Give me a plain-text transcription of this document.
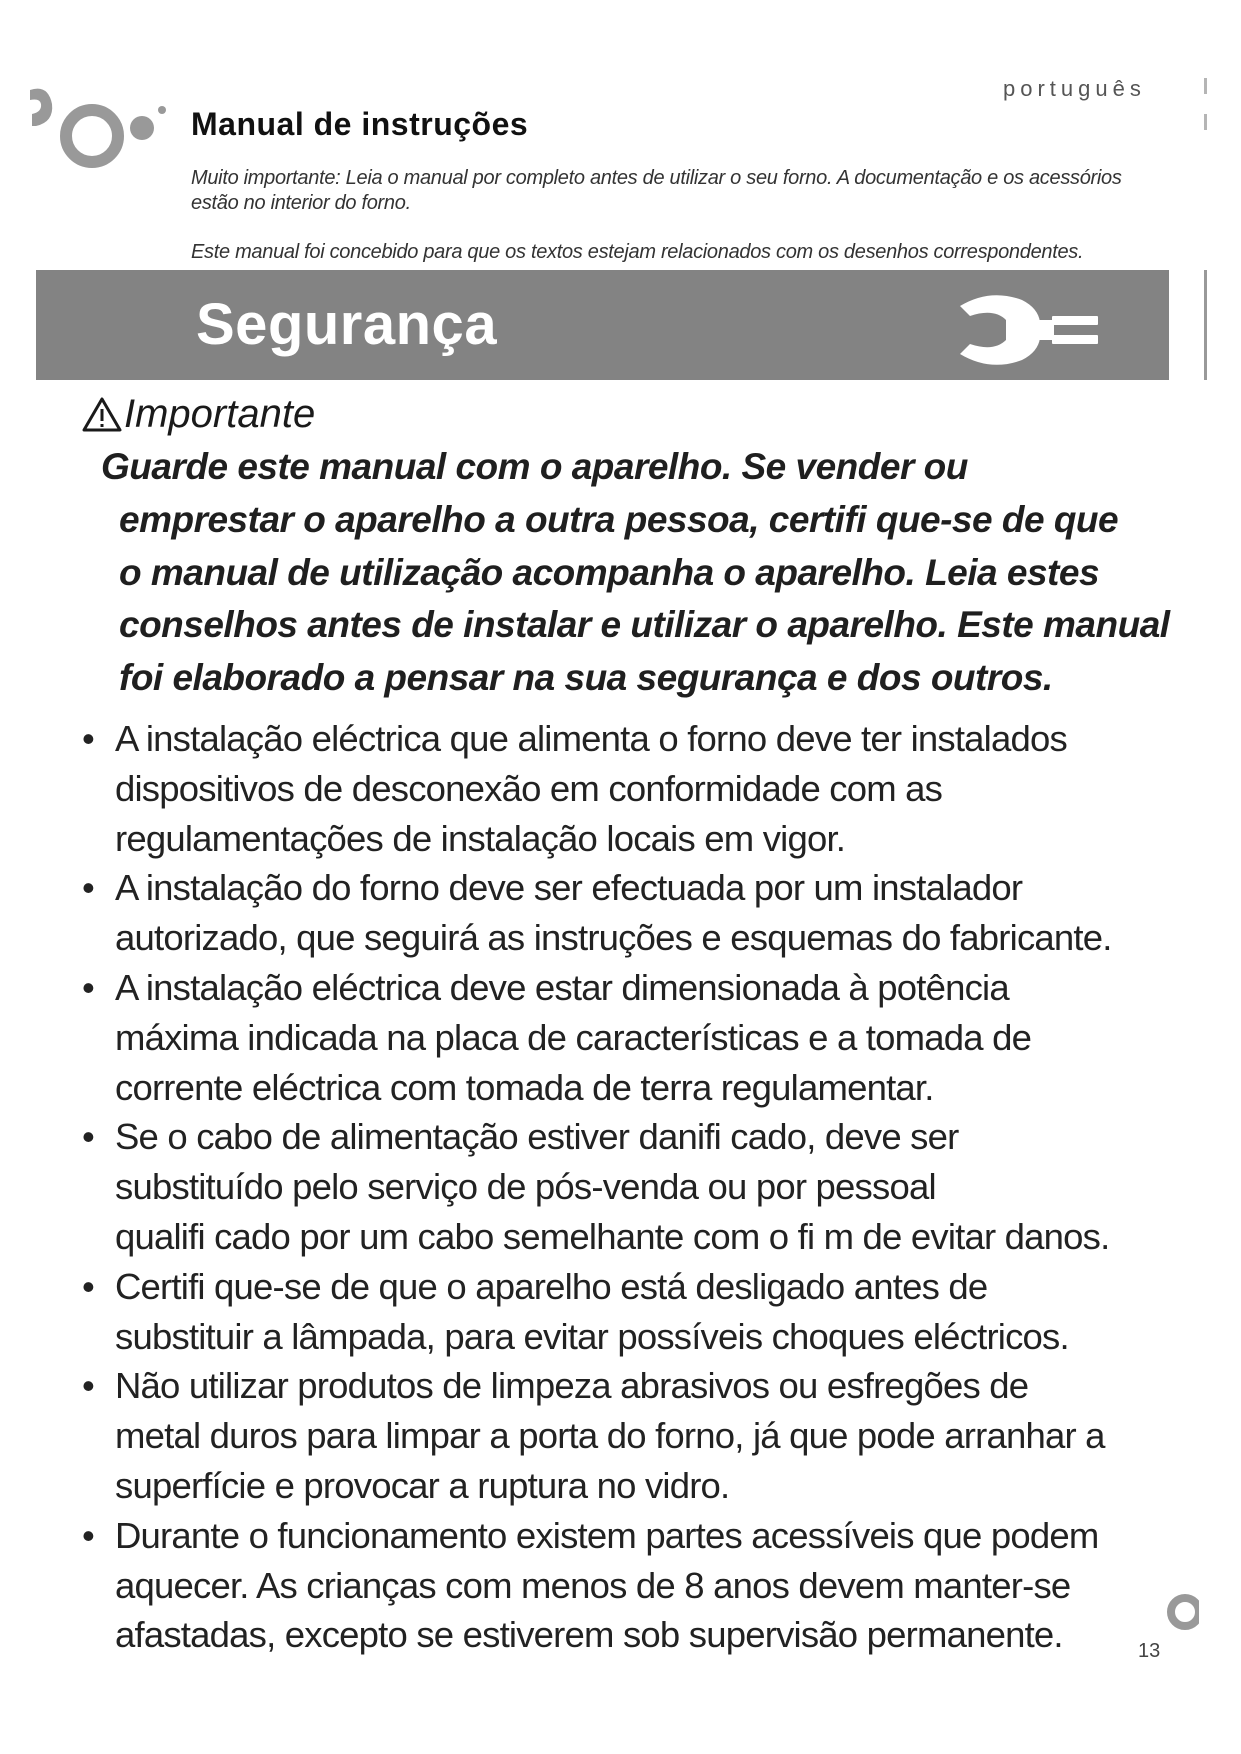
português
Manual de instruções
Muito importante: Leia o manual por completo antes de utilizar o seu forno. A documentação e os acessórios
estão no interior do forno.
Este manual foi concebido para que os textos estejam relacionados com os desenhos correspondentes.
Segurança
Importante
Guarde este manual com o aparelho. Se vender ou
emprestar o aparelho a outra pessoa, certifi que-se de que
o manual de utilização acompanha o aparelho. Leia estes
conselhos antes de instalar e utilizar o aparelho. Este manual
foi elaborado a pensar na sua segurança e dos outros.
• A instalação eléctrica que alimenta o forno deve ter instalados
dispositivos de desconexão em conformidade com as
regulamentações de instalação locais em vigor.
• A instalação do forno deve ser efectuada por um instalador
autorizado, que seguirá as instruções e esquemas do fabricante.
• A instalação eléctrica deve estar dimensionada à potência
máxima indicada na placa de características e a tomada de
corrente eléctrica com tomada de terra regulamentar.
• Se o cabo de alimentação estiver danifi cado, deve ser
substituído pelo serviço de pós-venda ou por pessoal
qualifi cado por um cabo semelhante com o fi m de evitar danos.
• Certifi que-se de que o aparelho está desligado antes de
substituir a lâmpada, para evitar possíveis choques eléctricos.
• Não utilizar produtos de limpeza abrasivos ou esfregões de
metal duros para limpar a porta do forno, já que pode arranhar a
superfície e provocar a ruptura no vidro.
• Durante o funcionamento existem partes acessíveis que podem
aquecer. As crianças com menos de 8 anos devem manter-se
afastadas, excepto se estiverem sob supervisão permanente.	13
